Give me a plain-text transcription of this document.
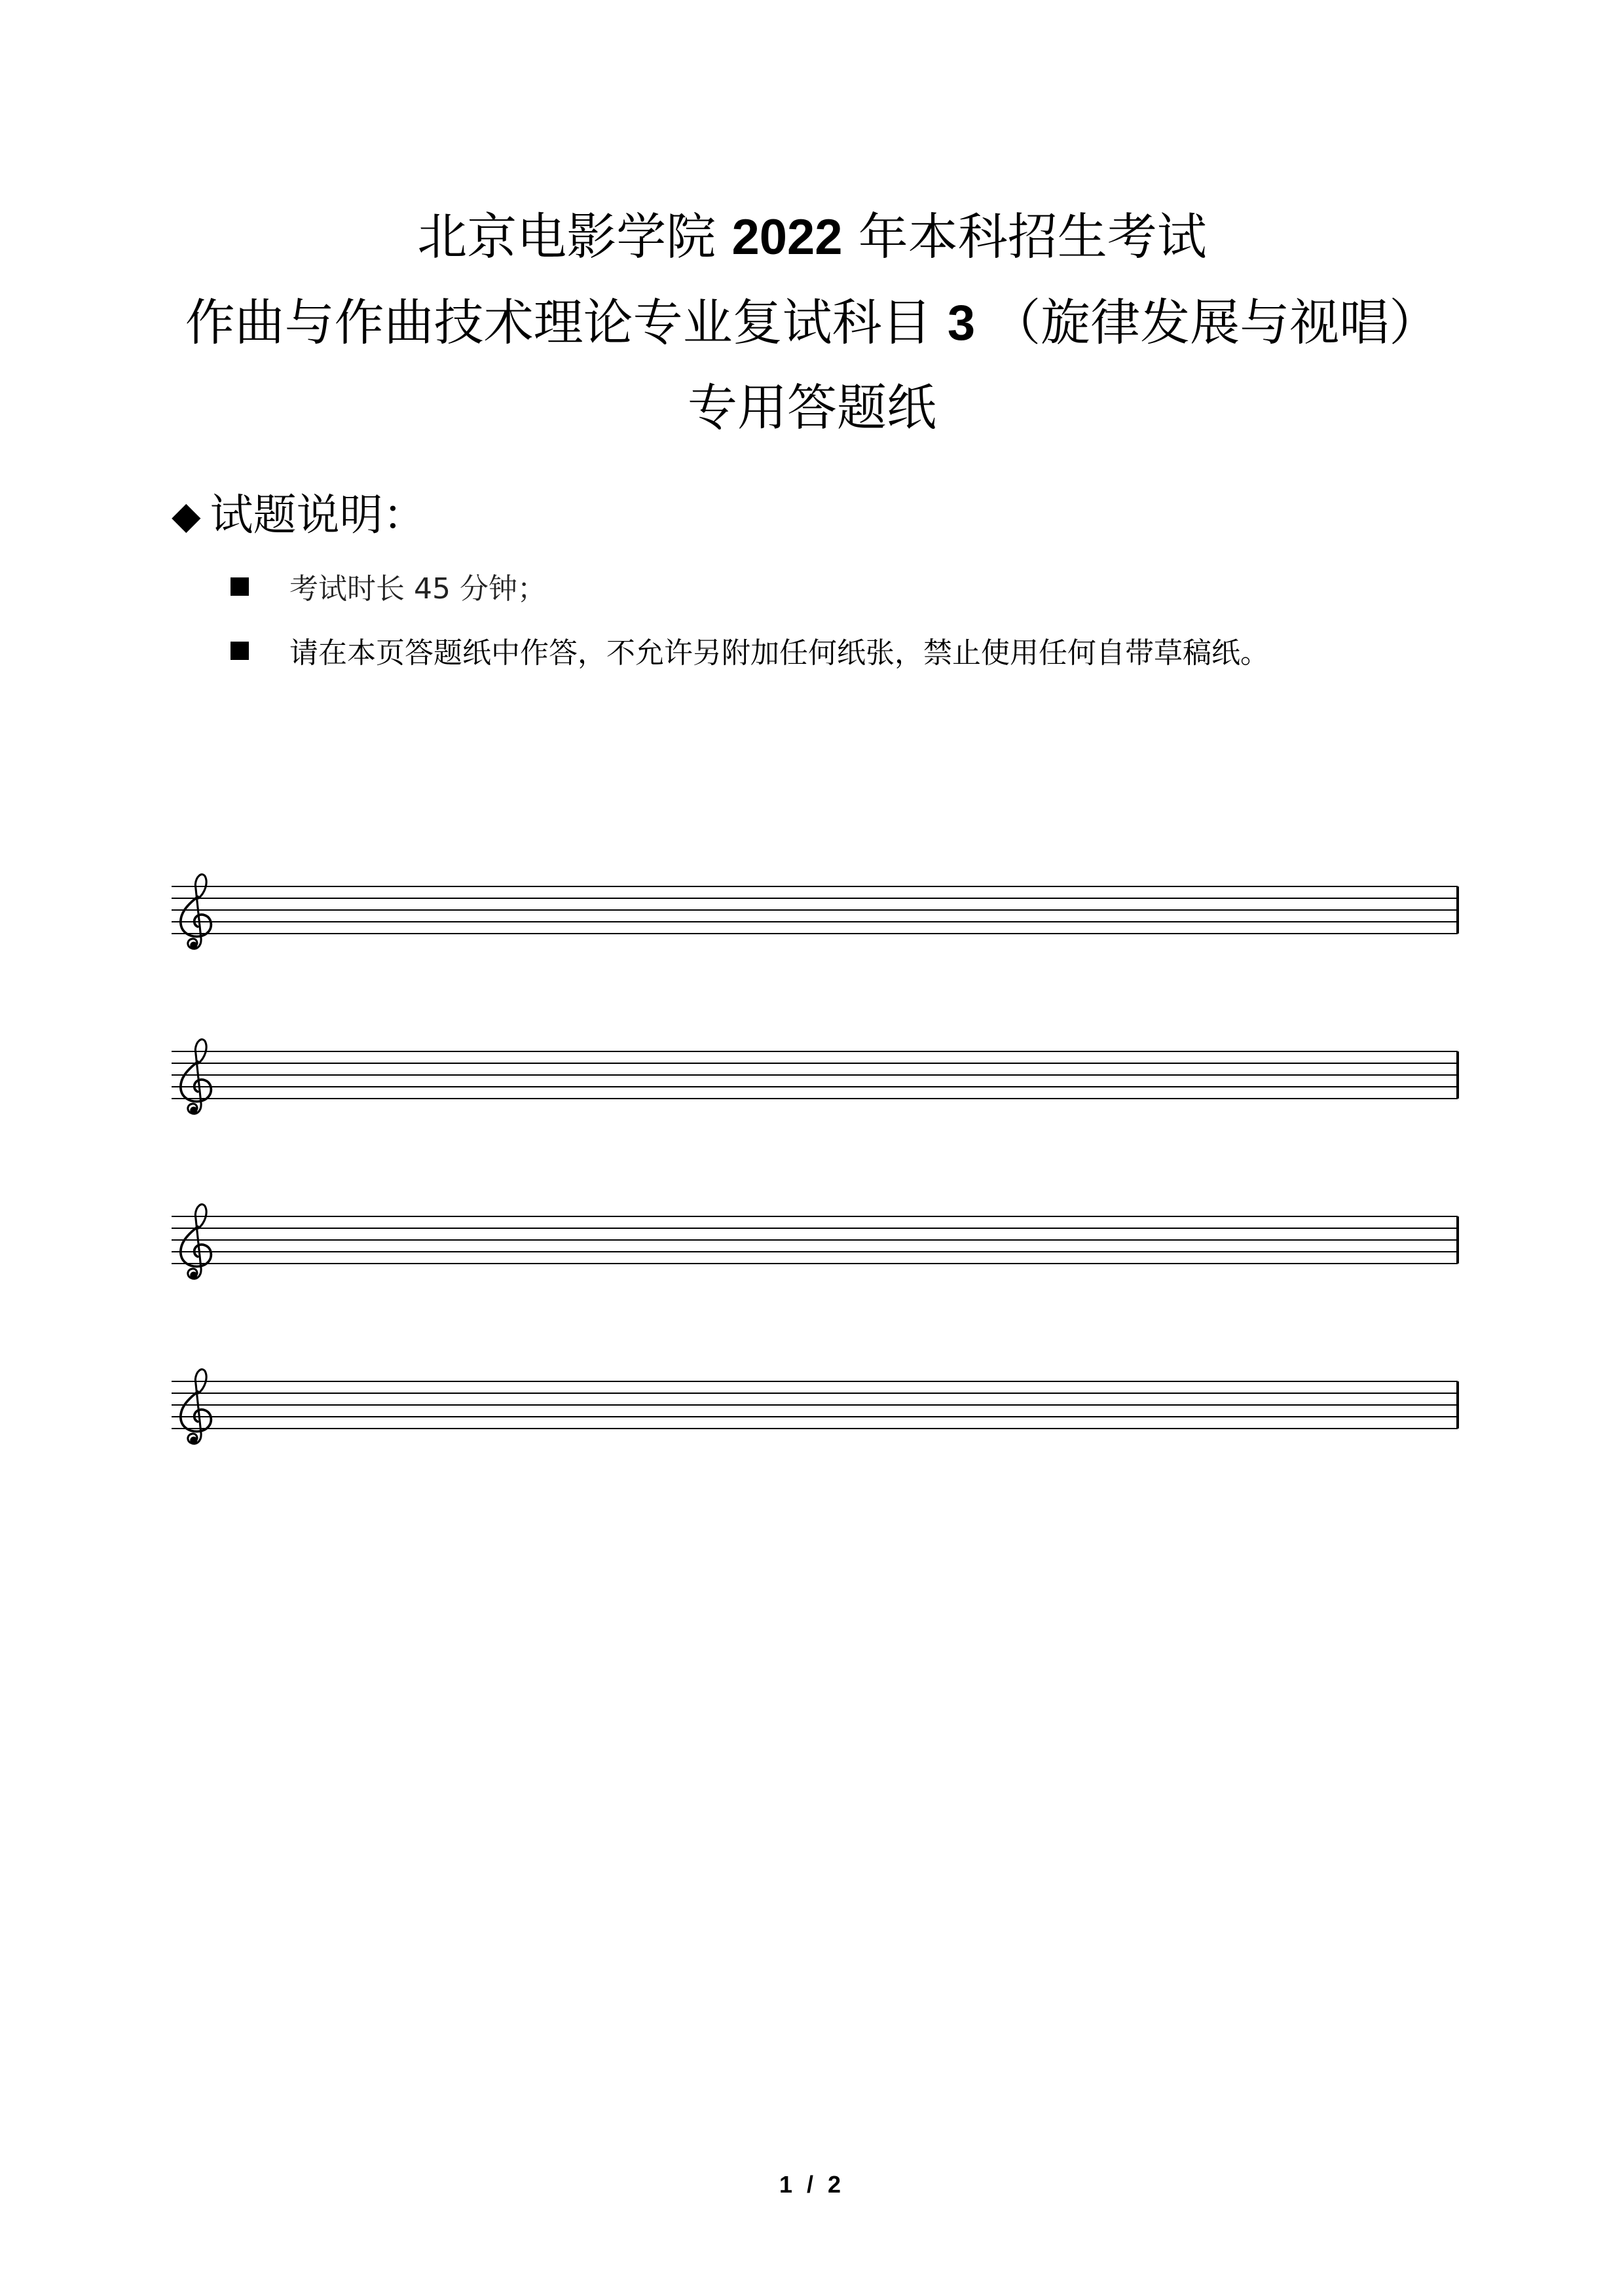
北京电影学院 2022 年本科招生考试
作曲与作曲技术理论专业复试科目 3 （旋律发展与视唱）
专用答题纸
◆ 试题说明：
考试时长 45 分钟；
请在本页答题纸中作答，不允许另附加任何纸张，禁止使用任何自带草稿纸。
1 / 2
